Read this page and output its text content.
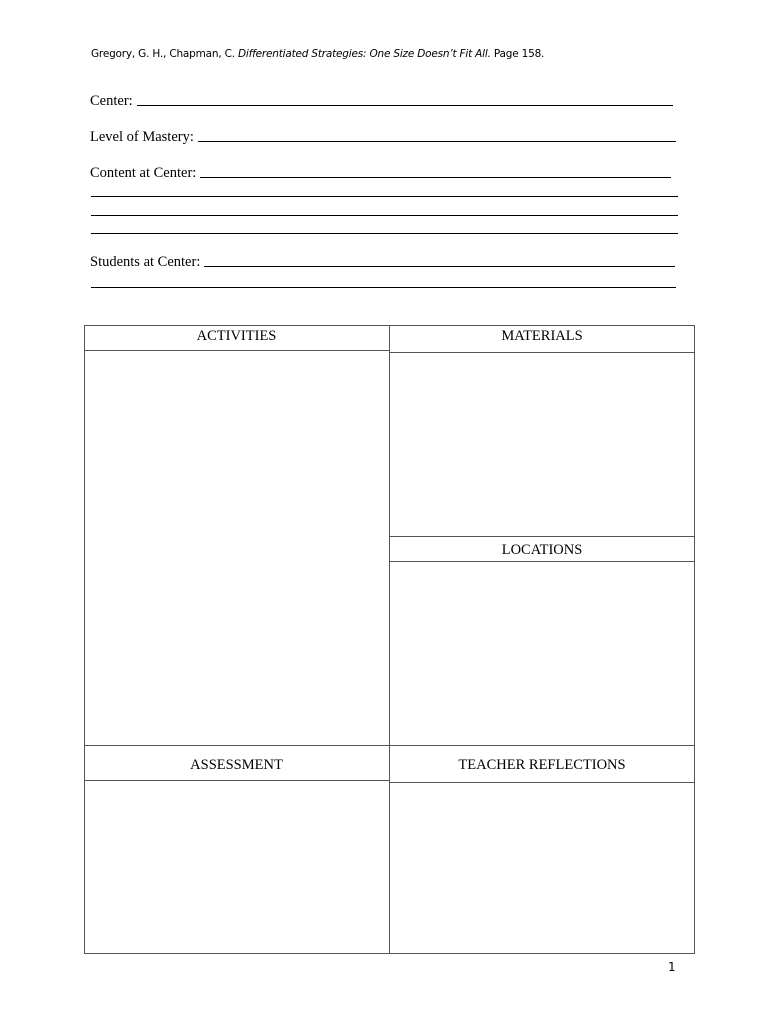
Gregory, G. H., Chapman, C. Differentiated Strategies: One Size Doesn’t Fit All. Page 158.
Center:
Level of Mastery:
Content at Center:
Students at Center:
ACTIVITIES	MATERIALS
LOCATIONS
ASSESSMENT	TEACHER REFLECTIONS
1
